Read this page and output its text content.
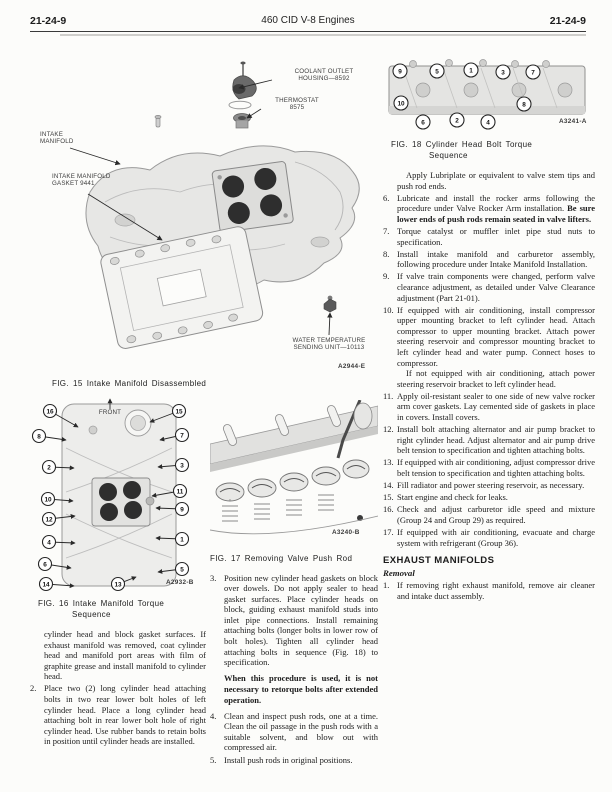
21-24-9	460 CID V-8 Engines	21-24-9
COOLANT OUTLET
HOUSING—8592
THERMOSTAT
8575
INTAKE
MANIFOLD
INTAKE MANIFOLD
GASKET 9441
WATER TEMPERATURE
SENDING UNIT—10113
A2944-E
FIG. 15 Intake Manifold Disassembled
16
8
2
10
12
4
6
14
15
7
3
11
9
1
5
13
FRONT
A2932-B
FIG. 16 Intake Manifold Torque
Sequence
cylinder head and block gasket surfaces. If exhaust manifold was removed, coat cylinder head and manifold port areas with film of graphite grease and install manifold to cylinder head.
2. Place two (2) long cylinder head attaching bolts in two rear lower bolt holes of left cylinder head. Place a long cylinder head attaching bolt in rear lower bolt hole of right cylinder head. Use rubber bands to retain bolts in position until cylinder heads are installed.
A3240-B
FIG. 17 Removing Valve Push Rod
3. Position new cylinder head gaskets on block over dowels. Do not apply sealer to head gasket surfaces. Place cylinder heads on block, guiding exhaust manifold studs into inlet pipe connections. Install remaining attaching bolts (longer bolts in lower row of bolt holes). Tighten all cylinder head attaching bolts in sequence (Fig. 18) to specification.
When this procedure is used, it is not necessary to retorque bolts after extended operation.
4. Clean and inspect push rods, one at a time. Clean the oil passage in the push rods with a suitable solvent, and blow out with compressed air.
5. Install push rods in original positions.
9	5	1	3	7
10	8
6	2	4	A3241-A
FIG. 18 Cylinder Head Bolt Torque
Sequence
Apply Lubriplate or equivalent to valve stem tips and push rod ends.
6. Lubricate and install the rocker arms following the procedure under Valve Rocker Arm installation. Be sure lower ends of push rods remain seated in valve lifters.
7. Torque catalyst or muffler inlet pipe stud nuts to specification.
8. Install intake manifold and carburetor assembly, following procedure under Intake Manifold Installation.
9. If valve train components were changed, perform valve clearance adjustment, as detailed under Valve Clearance adjustment (Part 21-01).
10. If equipped with air conditioning, install compressor upper mounting bracket to left cylinder head. Attach compressor to upper mounting bracket. Attach power steering reservoir and compressor mounting bracket to left cylinder head and water pump. Connect hoses to compressor.
If not equipped with air conditioning, attach power steering reservoir bracket to left cylinder head.
11. Apply oil-resistant sealer to one side of new valve rocker arm cover gaskets. Lay cemented side of gaskets in place in covers. Install covers.
12. Install bolt attaching alternator and air pump bracket to right cylinder head. Adjust alternator and air pump drive belt tension to specification and tighten attaching bolts.
13. If equipped with air conditioning, adjust compressor drive belt tension to specification and tighten attaching bolts.
14. Fill radiator and power steering reservoir, as necessary.
15. Start engine and check for leaks.
16. Check and adjust carburetor idle speed and mixture (Group 24 and Group 29) as required.
17. If equipped with air conditioning, evacuate and charge system with refrigerant (Group 36).
EXHAUST MANIFOLDS
Removal
1. If removing right exhaust manifold, remove air cleaner and intake duct assembly.
